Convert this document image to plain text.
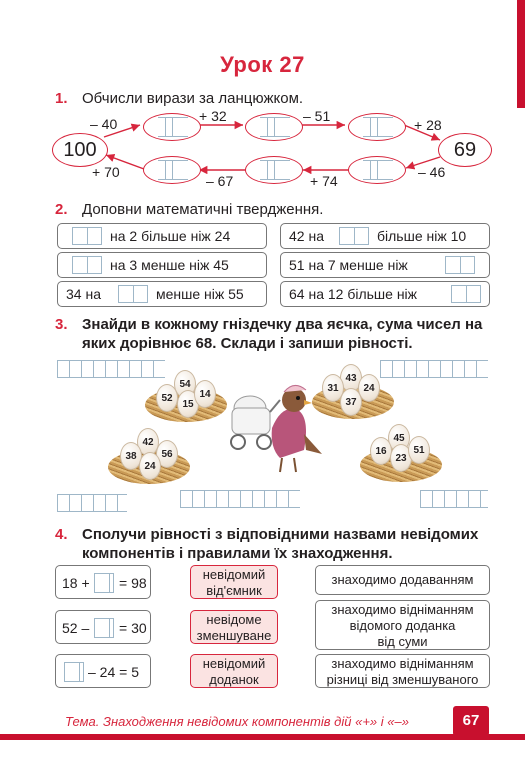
Урок 27
1. Обчисли вирази за ланцюжком.
100	69
– 40	+ 32	– 51
+ 28
+ 70
– 67	+ 74
– 46
2. Доповни математичні твердження.
на 2 більше ніж 24
на 3 менше ніж 45
34 на	менше ніж 55
42 на	більше ніж 10
51 на 7 менше ніж
64 на 12 більше ніж
3. Знайди в кожному гніздечку два яєчка, сума чисел на
яких дорівнює 68. Склади і запиши рівності.
54
52
15
14
43
31	24
37
42
38	56
24
45
16
23
51
4. Сполучи рівності з відповідними назвами невідомих
компонентів і правилами їх знаходження.
18 + = 98
52 – = 30
– 24 = 5
невідомий
від'ємник
невідоме
зменшуване
невідомий
доданок
знаходимо додаванням
знаходимо відніманням
відомого доданка
від суми
знаходимо відніманням
різниці від зменшуваного
Тема. Знаходження невідомих компонентів дій «+» і «–»	67
